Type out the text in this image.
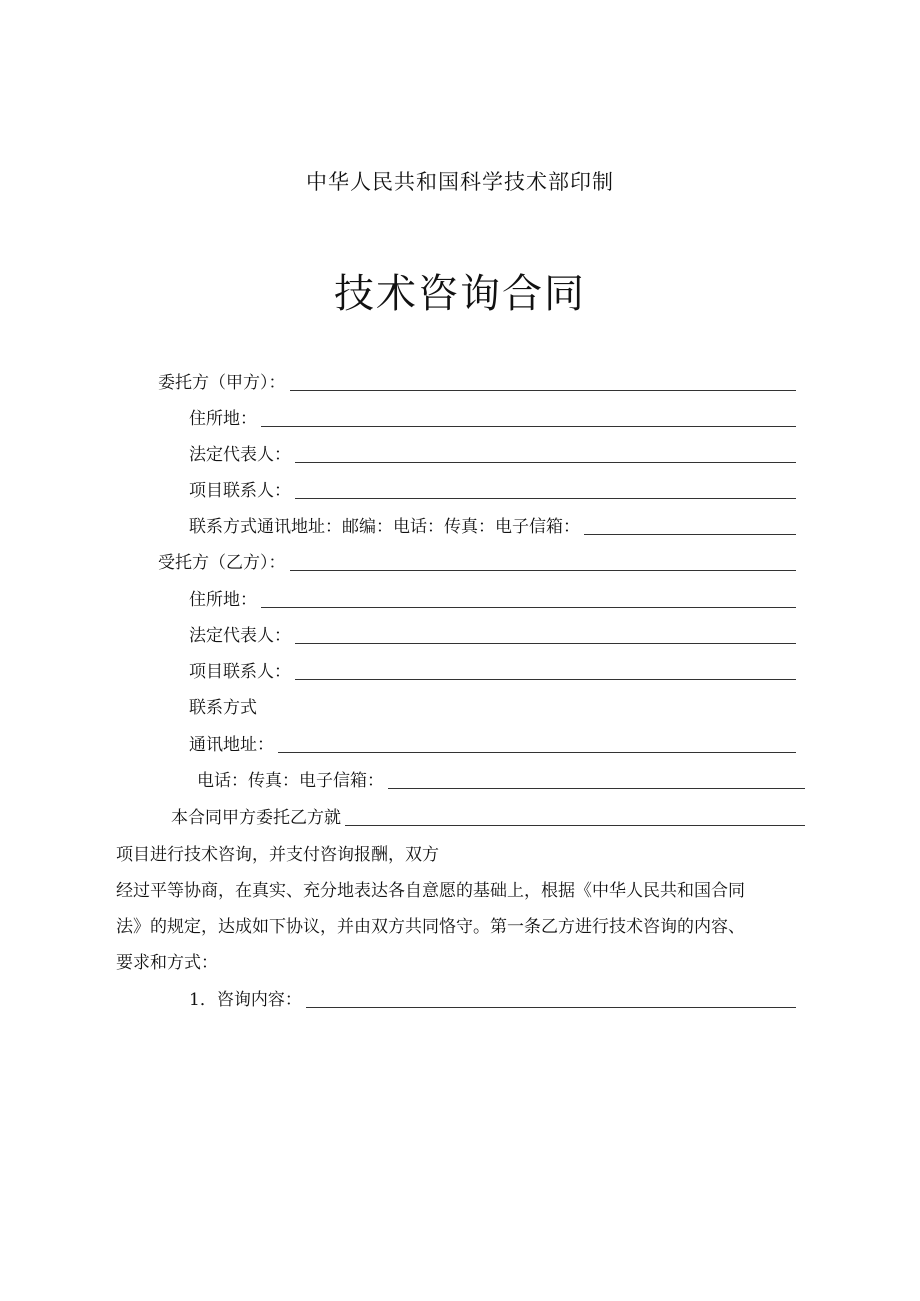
中华人民共和国科学技术部印制
技术咨询合同
委托方（甲方）：
住所地：
法定代表人：
项目联系人：
联系方式通讯地址：邮编：电话：传真：电子信箱：
受托方（乙方）：
住所地：
法定代表人：
项目联系人：
联系方式
通讯地址：
电话：传真：电子信箱：
本合同甲方委托乙方就
项目进行技术咨询，并支付咨询报酬，双方
经过平等协商，在真实、充分地表达各自意愿的基础上，根据《中华人民共和国合同
法》的规定，达成如下协议，并由双方共同恪守。第一条乙方进行技术咨询的内容、
要求和方式：
1．咨询内容：
